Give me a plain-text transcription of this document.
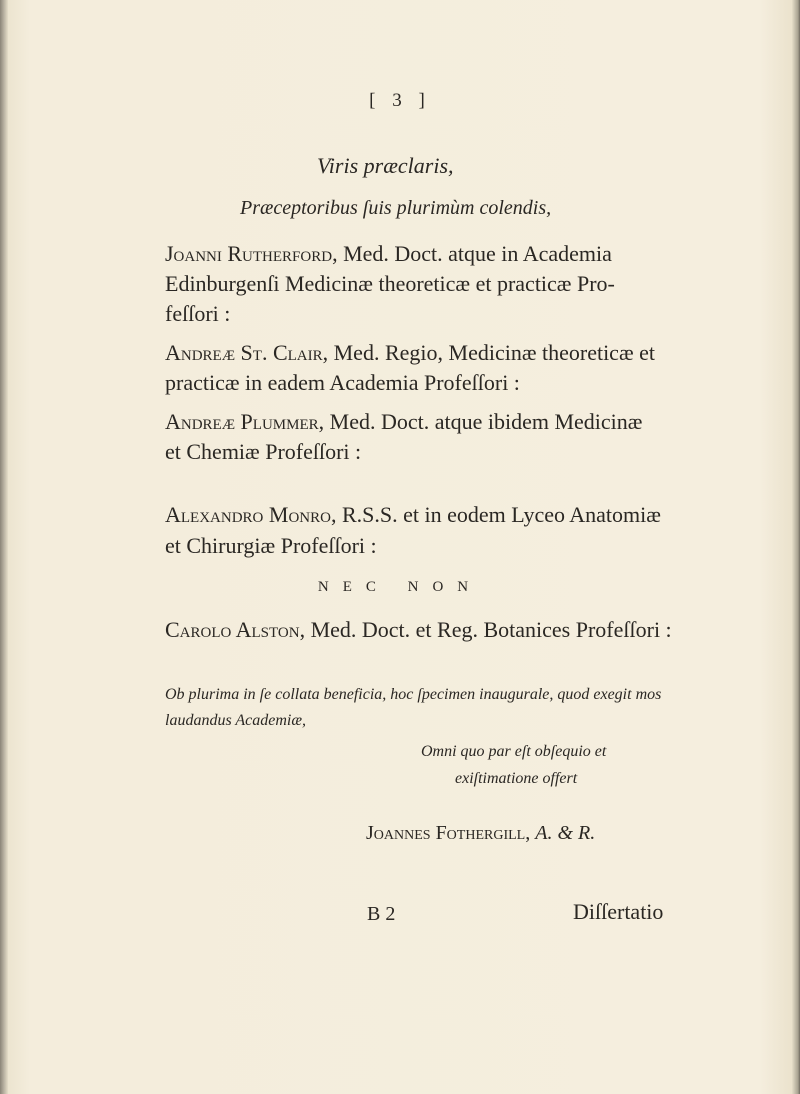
[ 3 ]
Viris præclaris,
Præceptoribus ſuis plurimùm colendis,
Joanni Rutherford, Med. Doct. atque in Academia
Edinburgenſi Medicinæ theoreticæ et practicæ Pro-
feſſori :
Andreæ St. Clair, Med. Regio, Medicinæ theoreticæ et
practicæ in eadem Academia Profeſſori :
Andreæ Plummer, Med. Doct. atque ibidem Medicinæ
et Chemiæ Profeſſori :
Alexandro Monro, R.S.S. et in eodem Lyceo Anatomiæ
et Chirurgiæ Profeſſori :
NEC NON
Carolo Alston, Med. Doct. et Reg. Botanices Profeſſori :
Ob plurima in ſe collata beneficia, hoc ſpecimen inaugurale, quod exegit mos
laudandus Academiæ,
Omni quo par eſt obſequio et
exiſtimatione offert
Joannes Fothergill, A. & R.
B 2	Diſſertatio
